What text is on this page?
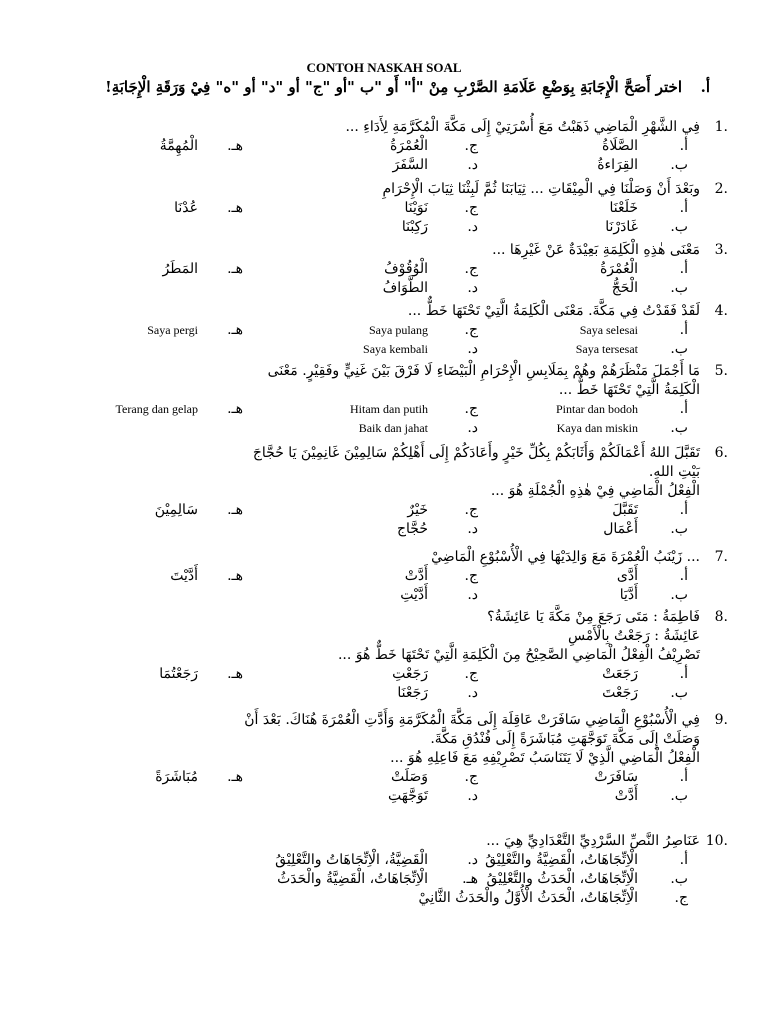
CONTOH NASKAH SOAL
أ.
اختر أَصَحَّ الْإِجَابَةِ بِوَضْعِ عَلَامَةِ الصَّرْبِ مِنْ "أ" أَو "ب "أو "ج" أو "د" أو "ه" فِيْ وَرَقَةِ الْإِجَابَةِ!
1.
فِي الشَّهْرِ الْمَاضِي ذَهَبْتُ مَعَ أُسْرَتِيْ إِلَى مَكَّةَ الْمُكَرَّمَةِ لِأَدَاءِ ...
أ.
الصَّلَاةُ
ج.
الْعُمْرَةُ
هـ.
الْمُهِمَّةُ
ب.
القِرَاءةُ
د.
السَّفَرَ
2.
وبَعْدَ أَنْ وَصَلْنَا فِي الْمِيْقَاتِ ... ثِيَابَنَا ثُمَّ لَبِثْنَا ثِيَابَ الْإِحْرَامِ
أ.
خَلَعْنَا
ج.
نَوَيْنَا
هـ.
عُدْنَا
ب.
غَادَرْنَا
د.
رَكِبْنَا
3.
مَعْنَى هٰذِهِ الْكَلِمَةِ بَعِيْدَةٌ عَنْ غَيْرِهَا ...
أ.
الْعُمْرَةُ
ج.
الْوُقُوْفُ
هـ.
المَطَرُ
ب.
الْحَجُّ
د.
الطَّوَافُ
4.
لَقَدْ فَقَدْتُ فِي مَكَّةَ. مَعْنَى الْكَلِمَةُ الَّتِيْ تَحْتَهَا خَطٌّ ...
أ.
Saya selesai
ج.
Saya pulang
هـ.
Saya pergi
ب.
Saya tersesat
د.
Saya kembali
5.
مَا أَجْمَلَ مَنْظَرَهُمْ وهُمْ بِمَلَابِسِ الْإِحْرَامِ الْبَيْضَاءِ لَا فَرْقَ بَيْنَ غَنِيٍّ وفَقِيْرٍ. مَعْنَى
الْكَلِمَةُ الَّتِيْ تَحْتَهَا خَطٌّ ...
أ.
Pintar dan bodoh
ج.
Hitam dan putih
هـ.
Terang dan gelap
ب.
Kaya dan miskin
د.
Baik dan jahat
6.
تَقَبَّلَ اللهُ أَعْمَالَكُمْ وَأَثَابَكُمْ بِكُلِّ خَيْرٍ وأَعَادَكُمْ إِلَى أَهْلِكُمْ سَالِمِيْنَ غَانِمِيْنَ يَا حُجَّاجَ
بَيْتِ اللهِ.
الْفِعْلُ الْمَاضِي فِيْ هٰذِهِ الْجُمْلَةِ هُوَ ...
أ.
تَقَبَّلَ
ج.
خَيْرٌ
هـ.
سَالِمِيْنَ
ب.
أَعْمَال
د.
حُجَّاج
7.
... زَيْنَبُ الْعُمْرَةَ مَعَ وَالِدَيْهَا فِي الْأُسْبُوْعِ الْمَاضِيْ
أ.
أَدَّى
ج.
أَدَّتْ
هـ.
أَدَّيْتَ
ب.
أَدَّيَا
د.
أَدَّيْتِ
8.
فَاطِمَةُ : مَتَى رَجَعَ مِنْ مَكَّةَ يَا عَائِشَةُ؟
عَائِشَةُ : رَجَعْتُ بِالْأَمْسِ
تَصْرِيْفُ الْفِعْلُ الْمَاضِي الصَّحِيْحُ مِنَ الْكَلِمَةِ الَّتِيْ تَحْتَهَا خَطٌّ هُوَ ...
أ.
رَجَعَتْ
ج.
رَجَعْتِ
هـ.
رَجَعْتُمَا
ب.
رَجَعْتَ
د.
رَجَعْنَا
9.
فِي الْأُسْبُوْعِ الْمَاضِي سَافَرَتْ عَاقِلَة إِلَى مَكَّةَ الْمُكَرَّمَةِ وَأَدَّتِ الْعُمْرَةَ هُنَاكَ. بَعْدَ أَنْ
وَصَلَتْ إِلَى مَكَّةَ تَوَجَّهَتِ مُبَاشَرَةً إِلَى فُنْدُقِ مَكَّةَ.
الْفِعْلُ الْمَاضِي الَّذِيْ لَا يَتَنَاسَبُ تَصْرِيْفِهِ مَعَ فَاعِلِهِ هُوَ ...
أ.
سَافَرَتْ
ج.
وَصَلَتْ
هـ.
مُبَاشَرَةً
ب.
أَدَّتْ
د.
تَوَجَّهَتِ
10.
عَنَاصِرُ النَّصِّ السَّرْدِيِّ التَّعْدَادِيِّ هِيَ ...
أ.
الْاِتِّجَاهَاتُ، الْقَضِيَّةُ والتَّعْلِيْقُ
د.
الْقَضِيَّةُ، الْاِتِّجَاهَاتُ والتَّعْلِيْقُ
ب.
الْاِتِّجَاهَاتُ، الْحَدَثُ والتَّعْلِيْقُ
هـ.
الْاِتِّجَاهَاتُ، الْقَضِيَّةُ والْحَدَثُ
ج.
الْاِتِّجَاهَاتُ، الْحَدَثُ الْأُوَّلُ والْحَدَثُ الثَّانِيْ
